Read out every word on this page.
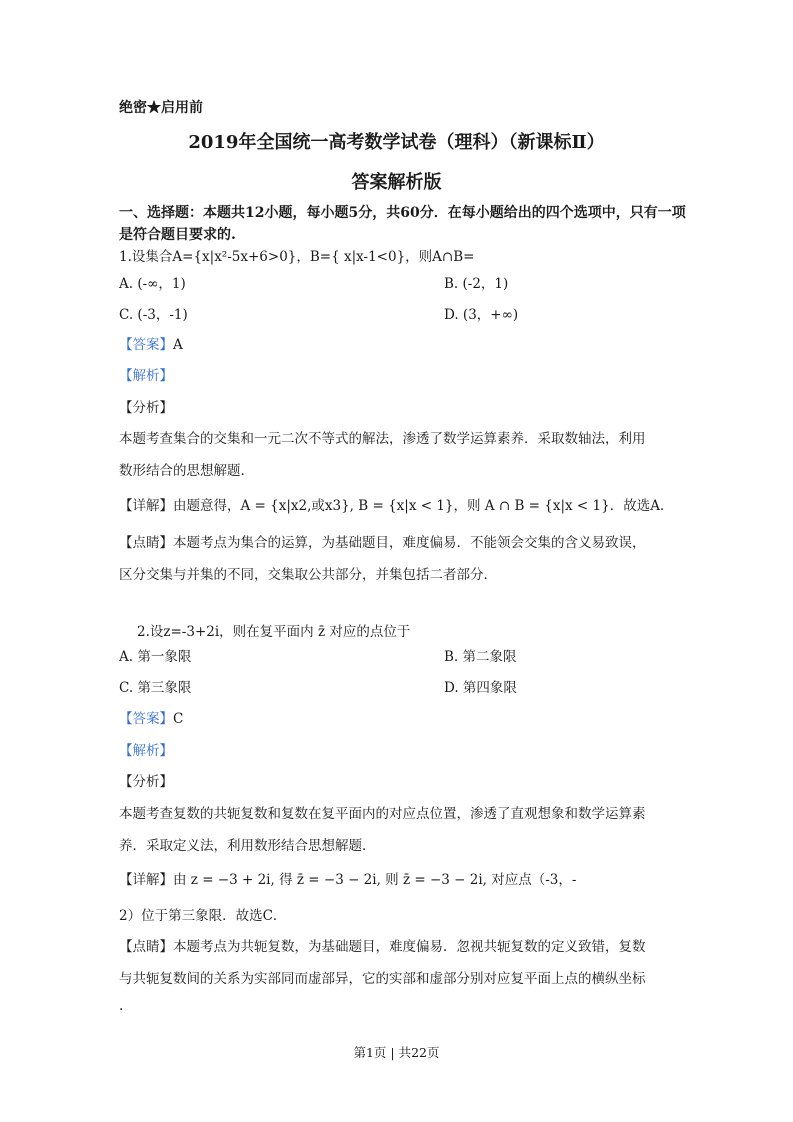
绝密★启用前
2019年全国统一高考数学试卷（理科）（新课标Ⅱ）
答案解析版
一、选择题：本题共12小题，每小题5分，共60分．在每小题给出的四个选项中，只有一项
是符合题目要求的.
1.设集合A={x|x²-5x+6>0}，B={ x|x-1<0}，则A∩B=
A. (-∞，1)	B. (-2，1)
C. (-3，-1)	D. (3，+∞)
【答案】A
【解析】
【分析】
本题考查集合的交集和一元二次不等式的解法，渗透了数学运算素养．采取数轴法，利用
数形结合的思想解题．
【详解】由题意得，A = {x|x2,或x3}, B = {x|x < 1}，则 A ∩ B = {x|x < 1}．故选A．
【点睛】本题考点为集合的运算，为基础题目，难度偏易．不能领会交集的含义易致误，
区分交集与并集的不同，交集取公共部分，并集包括二者部分．
2.设z=-3+2i，则在复平面内 z̄ 对应的点位于
A. 第一象限	B. 第二象限
C. 第三象限	D. 第四象限
【答案】C
【解析】
【分析】
本题考查复数的共轭复数和复数在复平面内的对应点位置，渗透了直观想象和数学运算素
养．采取定义法，利用数形结合思想解题．
【详解】由 z = −3 + 2i, 得 z̄ = −3 − 2i, 则 z̄ = −3 − 2i, 对应点（-3，-
2）位于第三象限．故选C．
【点睛】本题考点为共轭复数，为基础题目，难度偏易．忽视共轭复数的定义致错，复数
与共轭复数间的关系为实部同而虚部异，它的实部和虚部分别对应复平面上点的横纵坐标
.
第1页 | 共22页
